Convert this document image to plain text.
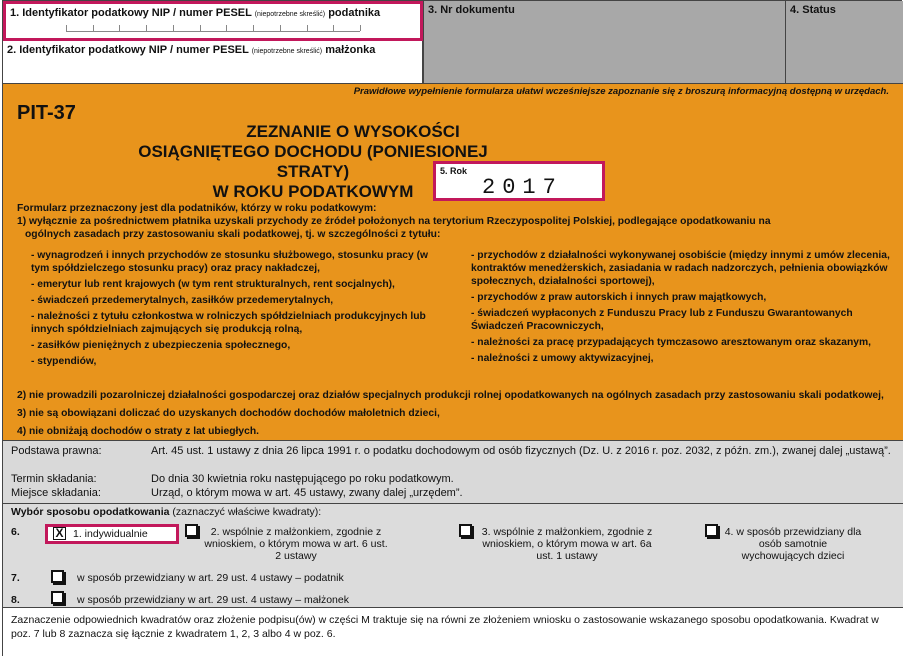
1. Identyfikator podatkowy NIP / numer PESEL (niepotrzebne skreślić) podatnika
2. Identyfikator podatkowy NIP / numer PESEL (niepotrzebne skreślić) małżonka
3. Nr dokumentu	4. Status
Prawidłowe wypełnienie formularza ułatwi wcześniejsze zapoznanie się z broszurą informacyjną dostępną w urzędach.
PIT-37
ZEZNANIE O WYSOKOŚCI
OSIĄGNIĘTEGO DOCHODU (PONIESIONEJ STRATY)
W ROKU PODATKOWYM
5. Rok
2017
Formularz przeznaczony jest dla podatników, którzy w roku podatkowym:
1) wyłącznie za pośrednictwem płatnika uzyskali przychody ze źródeł położonych na terytorium Rzeczypospolitej Polskiej, podlegające opodatkowaniu na
ogólnych zasadach przy zastosowaniu skali podatkowej, tj. w szczególności z tytułu:
- wynagrodzeń i innych przychodów ze stosunku służbowego, stosunku pracy (w tym spółdzielczego stosunku pracy) oraz pracy nakładczej,
- emerytur lub rent krajowych (w tym rent strukturalnych, rent socjalnych),
- świadczeń przedemerytalnych, zasiłków przedemerytalnych,
- należności z tytułu członkostwa w rolniczych spółdzielniach produkcyjnych lub innych spółdzielniach zajmujących się produkcją rolną,
- zasiłków pieniężnych z ubezpieczenia społecznego,
- stypendiów,
- przychodów z działalności wykonywanej osobiście (między innymi z umów zlecenia, kontraktów menedżerskich, zasiadania w radach nadzorczych, pełnienia obowiązków społecznych, działalności sportowej),
- przychodów z praw autorskich i innych praw majątkowych,
- świadczeń wypłaconych z Funduszu Pracy lub z Funduszu Gwarantowanych Świadczeń Pracowniczych,
- należności za pracę przypadających tymczasowo aresztowanym oraz skazanym,
- należności z umowy aktywizacyjnej,
2) nie prowadzili pozarolniczej działalności gospodarczej oraz działów specjalnych produkcji rolnej opodatkowanych na ogólnych zasadach przy zastosowaniu skali podatkowej,
3) nie są obowiązani doliczać do uzyskanych dochodów dochodów małoletnich dzieci,
4) nie obniżają dochodów o straty z lat ubiegłych.
Podstawa prawna:	Art. 45 ust. 1 ustawy z dnia 26 lipca 1991 r. o podatku dochodowym od osób fizycznych (Dz. U. z 2016 r. poz. 2032, z późn. zm.), zwanej dalej „ustawą”.
Termin składania:	Do dnia 30 kwietnia roku następującego po roku podatkowym.
Miejsce składania:	Urząd, o którym mowa w art. 45 ustawy, zwany dalej „urzędem”.
Wybór sposobu opodatkowania (zaznaczyć właściwe kwadraty):
6.	X 1. indywidualnie	2. wspólnie z małżonkiem, zgodnie z wnioskiem, o którym mowa w art. 6 ust. 2 ustawy
3. wspólnie z małżonkiem, zgodnie z wnioskiem, o którym mowa w art. 6a ust. 1 ustawy
4. w sposób przewidziany dla osób samotnie wychowujących dzieci
7.	w sposób przewidziany w art. 29 ust. 4 ustawy – podatnik
8.	w sposób przewidziany w art. 29 ust. 4 ustawy – małżonek
Zaznaczenie odpowiednich kwadratów oraz złożenie podpisu(ów) w części M traktuje się na równi ze złożeniem wniosku o zastosowanie wskazanego sposobu opodatkowania. Kwadrat w poz. 7 lub 8 zaznacza się łącznie z kwadratem 1, 2, 3 albo 4 w poz. 6.
